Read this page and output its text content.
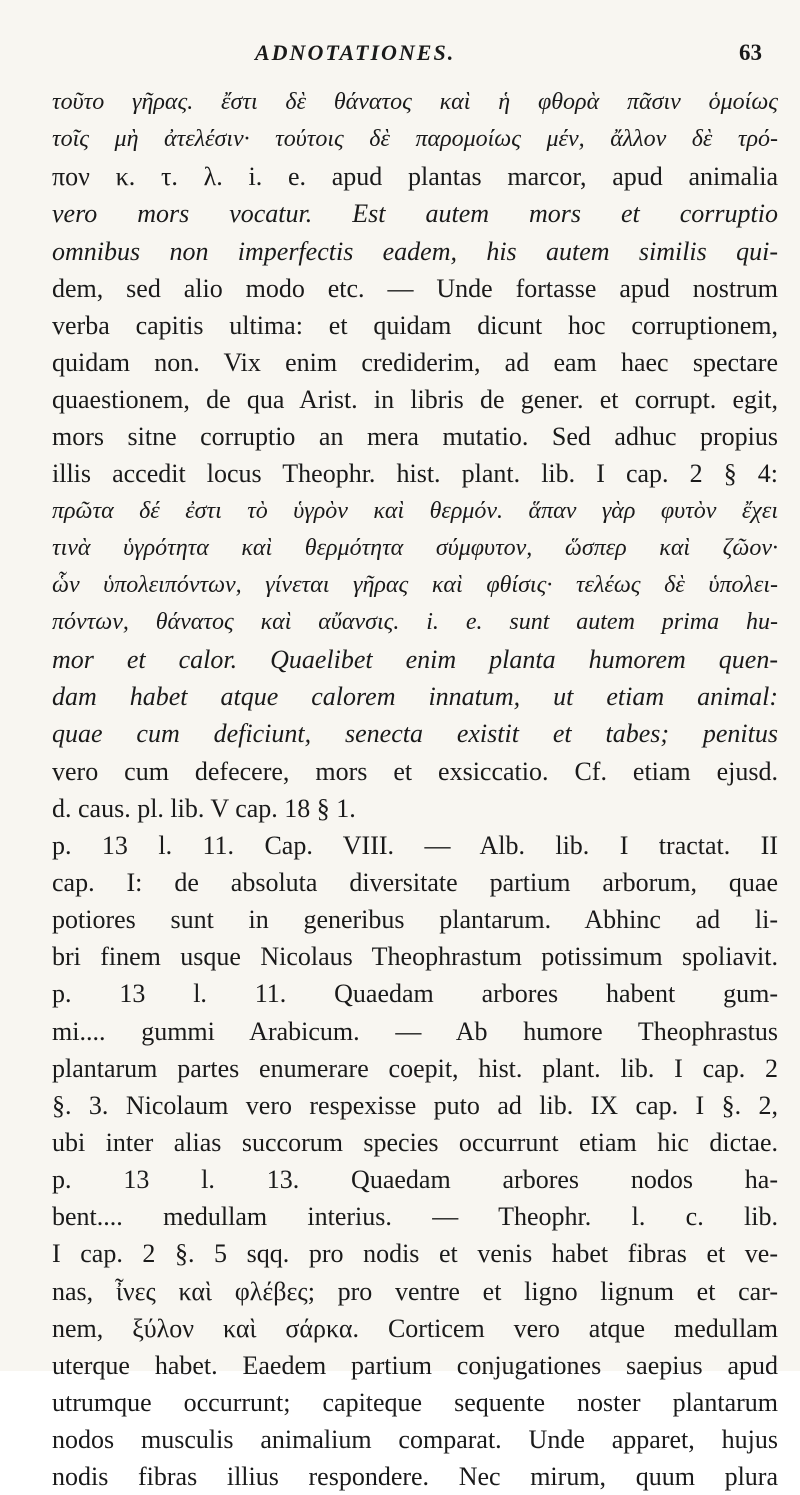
ADNOTATIONES.	63
τοῦτο γῆρας. ἔστι δὲ θάνατος καὶ ἡ φθορὰ πᾶσιν ὁμοίως
τοῖς μὴ ἀτελέσιν· τούτοις δὲ παρομοίως μέν, ἄλλον δὲ τρό-
πον κ. τ. λ. i. e. apud plantas marcor, apud animalia
vero mors vocatur. Est autem mors et corruptio
omnibus non imperfectis eadem, his autem similis qui-
dem, sed alio modo etc. — Unde fortasse apud nostrum
verba capitis ultima: et quidam dicunt hoc corruptionem,
quidam non. Vix enim crediderim, ad eam haec spectare
quaestionem, de qua Arist. in libris de gener. et corrupt. egit,
mors sitne corruptio an mera mutatio. Sed adhuc propius
illis accedit locus Theophr. hist. plant. lib. I cap. 2 § 4:
πρῶτα δέ ἐστι τὸ ὑγρὸν καὶ θερμόν. ἅπαν γὰρ φυτὸν ἔχει
τινὰ ὑγρότητα καὶ θερμότητα σύμφυτον, ὥσπερ καὶ ζῶον·
ὧν ὑπολειπόντων, γίνεται γῆρας καὶ φθίσις· τελέως δὲ ὑπολει-
πόντων, θάνατος καὶ αὔανσις. i. e. sunt autem prima hu-
mor et calor. Quaelibet enim planta humorem quen-
dam habet atque calorem innatum, ut etiam animal:
quae cum deficiunt, senecta existit et tabes; penitus
vero cum defecere, mors et exsiccatio. Cf. etiam ejusd.
d. caus. pl. lib. V cap. 18 § 1.
p. 13 l. 11. Cap. VIII. — Alb. lib. I tractat. II
cap. I: de absoluta diversitate partium arborum, quae
potiores sunt in generibus plantarum. Abhinc ad li-
bri finem usque Nicolaus Theophrastum potissimum spoliavit.
p. 13 l. 11. Quaedam arbores habent gum-
mi.... gummi Arabicum. — Ab humore Theophrastus
plantarum partes enumerare coepit, hist. plant. lib. I cap. 2
§. 3. Nicolaum vero respexisse puto ad lib. IX cap. I §. 2,
ubi inter alias succorum species occurrunt etiam hic dictae.
p. 13 l. 13. Quaedam arbores nodos ha-
bent.... medullam interius. — Theophr. l. c. lib.
I cap. 2 §. 5 sqq. pro nodis et venis habet fibras et ve-
nas, ἶνες καὶ φλέβες; pro ventre et ligno lignum et car-
nem, ξύλον καὶ σάρκα. Corticem vero atque medullam
uterque habet. Eaedem partium conjugationes saepius apud
utrumque occurrunt; capiteque sequente noster plantarum
nodos musculis animalium comparat. Unde apparet, hujus
nodis fibras illius respondere. Nec mirum, quum plura
